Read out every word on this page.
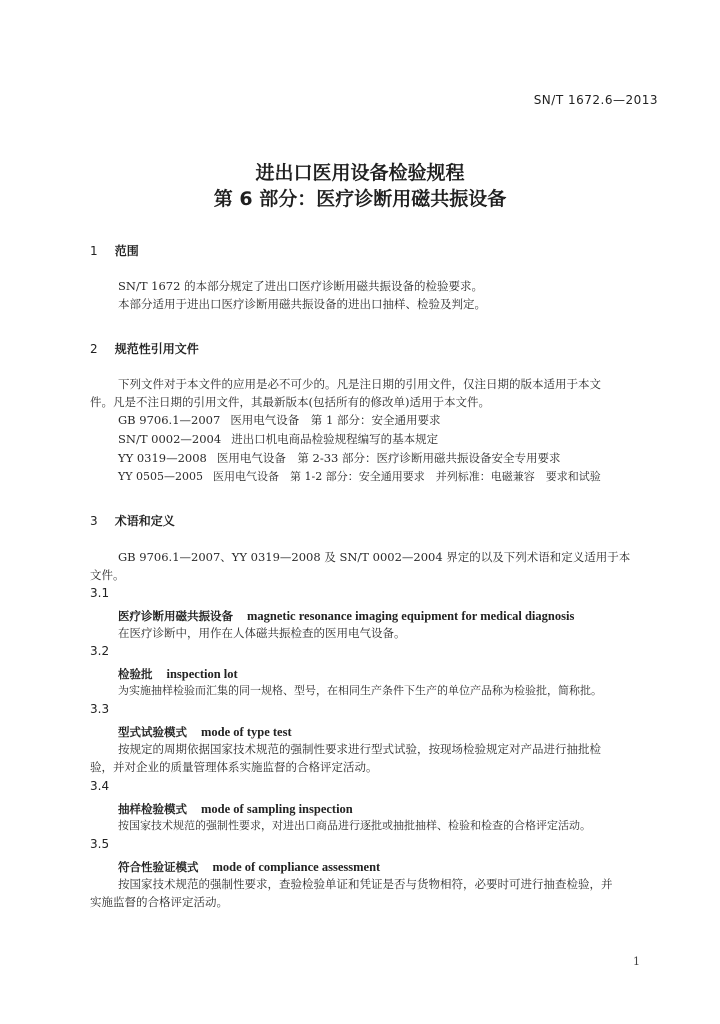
SN/T 1672.6—2013
进出口医用设备检验规程
第 6 部分：医疗诊断用磁共振设备
1 范围
SN/T 1672 的本部分规定了进出口医疗诊断用磁共振设备的检验要求。
本部分适用于进出口医疗诊断用磁共振设备的进出口抽样、检验及判定。
2 规范性引用文件
下列文件对于本文件的应用是必不可少的。凡是注日期的引用文件，仅注日期的版本适用于本文
件。凡是不注日期的引用文件，其最新版本(包括所有的修改单)适用于本文件。
GB 9706.1—2007 医用电气设备　第 1 部分：安全通用要求
SN/T 0002—2004 进出口机电商品检验规程编写的基本规定
YY 0319—2008 医用电气设备　第 2-33 部分：医疗诊断用磁共振设备安全专用要求
YY 0505—2005 医用电气设备　第 1-2 部分：安全通用要求　并列标准：电磁兼容　要求和试验
3 术语和定义
GB 9706.1—2007、YY 0319—2008 及 SN/T 0002—2004 界定的以及下列术语和定义适用于本
文件。
3.1
医疗诊断用磁共振设备 magnetic resonance imaging equipment for medical diagnosis
在医疗诊断中，用作在人体磁共振检查的医用电气设备。
3.2
检验批 inspection lot
为实施抽样检验而汇集的同一规格、型号，在相同生产条件下生产的单位产品称为检验批，简称批。
3.3
型式试验模式 mode of type test
按规定的周期依据国家技术规范的强制性要求进行型式试验，按现场检验规定对产品进行抽批检
验，并对企业的质量管理体系实施监督的合格评定活动。
3.4
抽样检验模式 mode of sampling inspection
按国家技术规范的强制性要求，对进出口商品进行逐批或抽批抽样、检验和检查的合格评定活动。
3.5
符合性验证模式 mode of compliance assessment
按国家技术规范的强制性要求，查验检验单证和凭证是否与货物相符，必要时可进行抽查检验，并
实施监督的合格评定活动。
1
